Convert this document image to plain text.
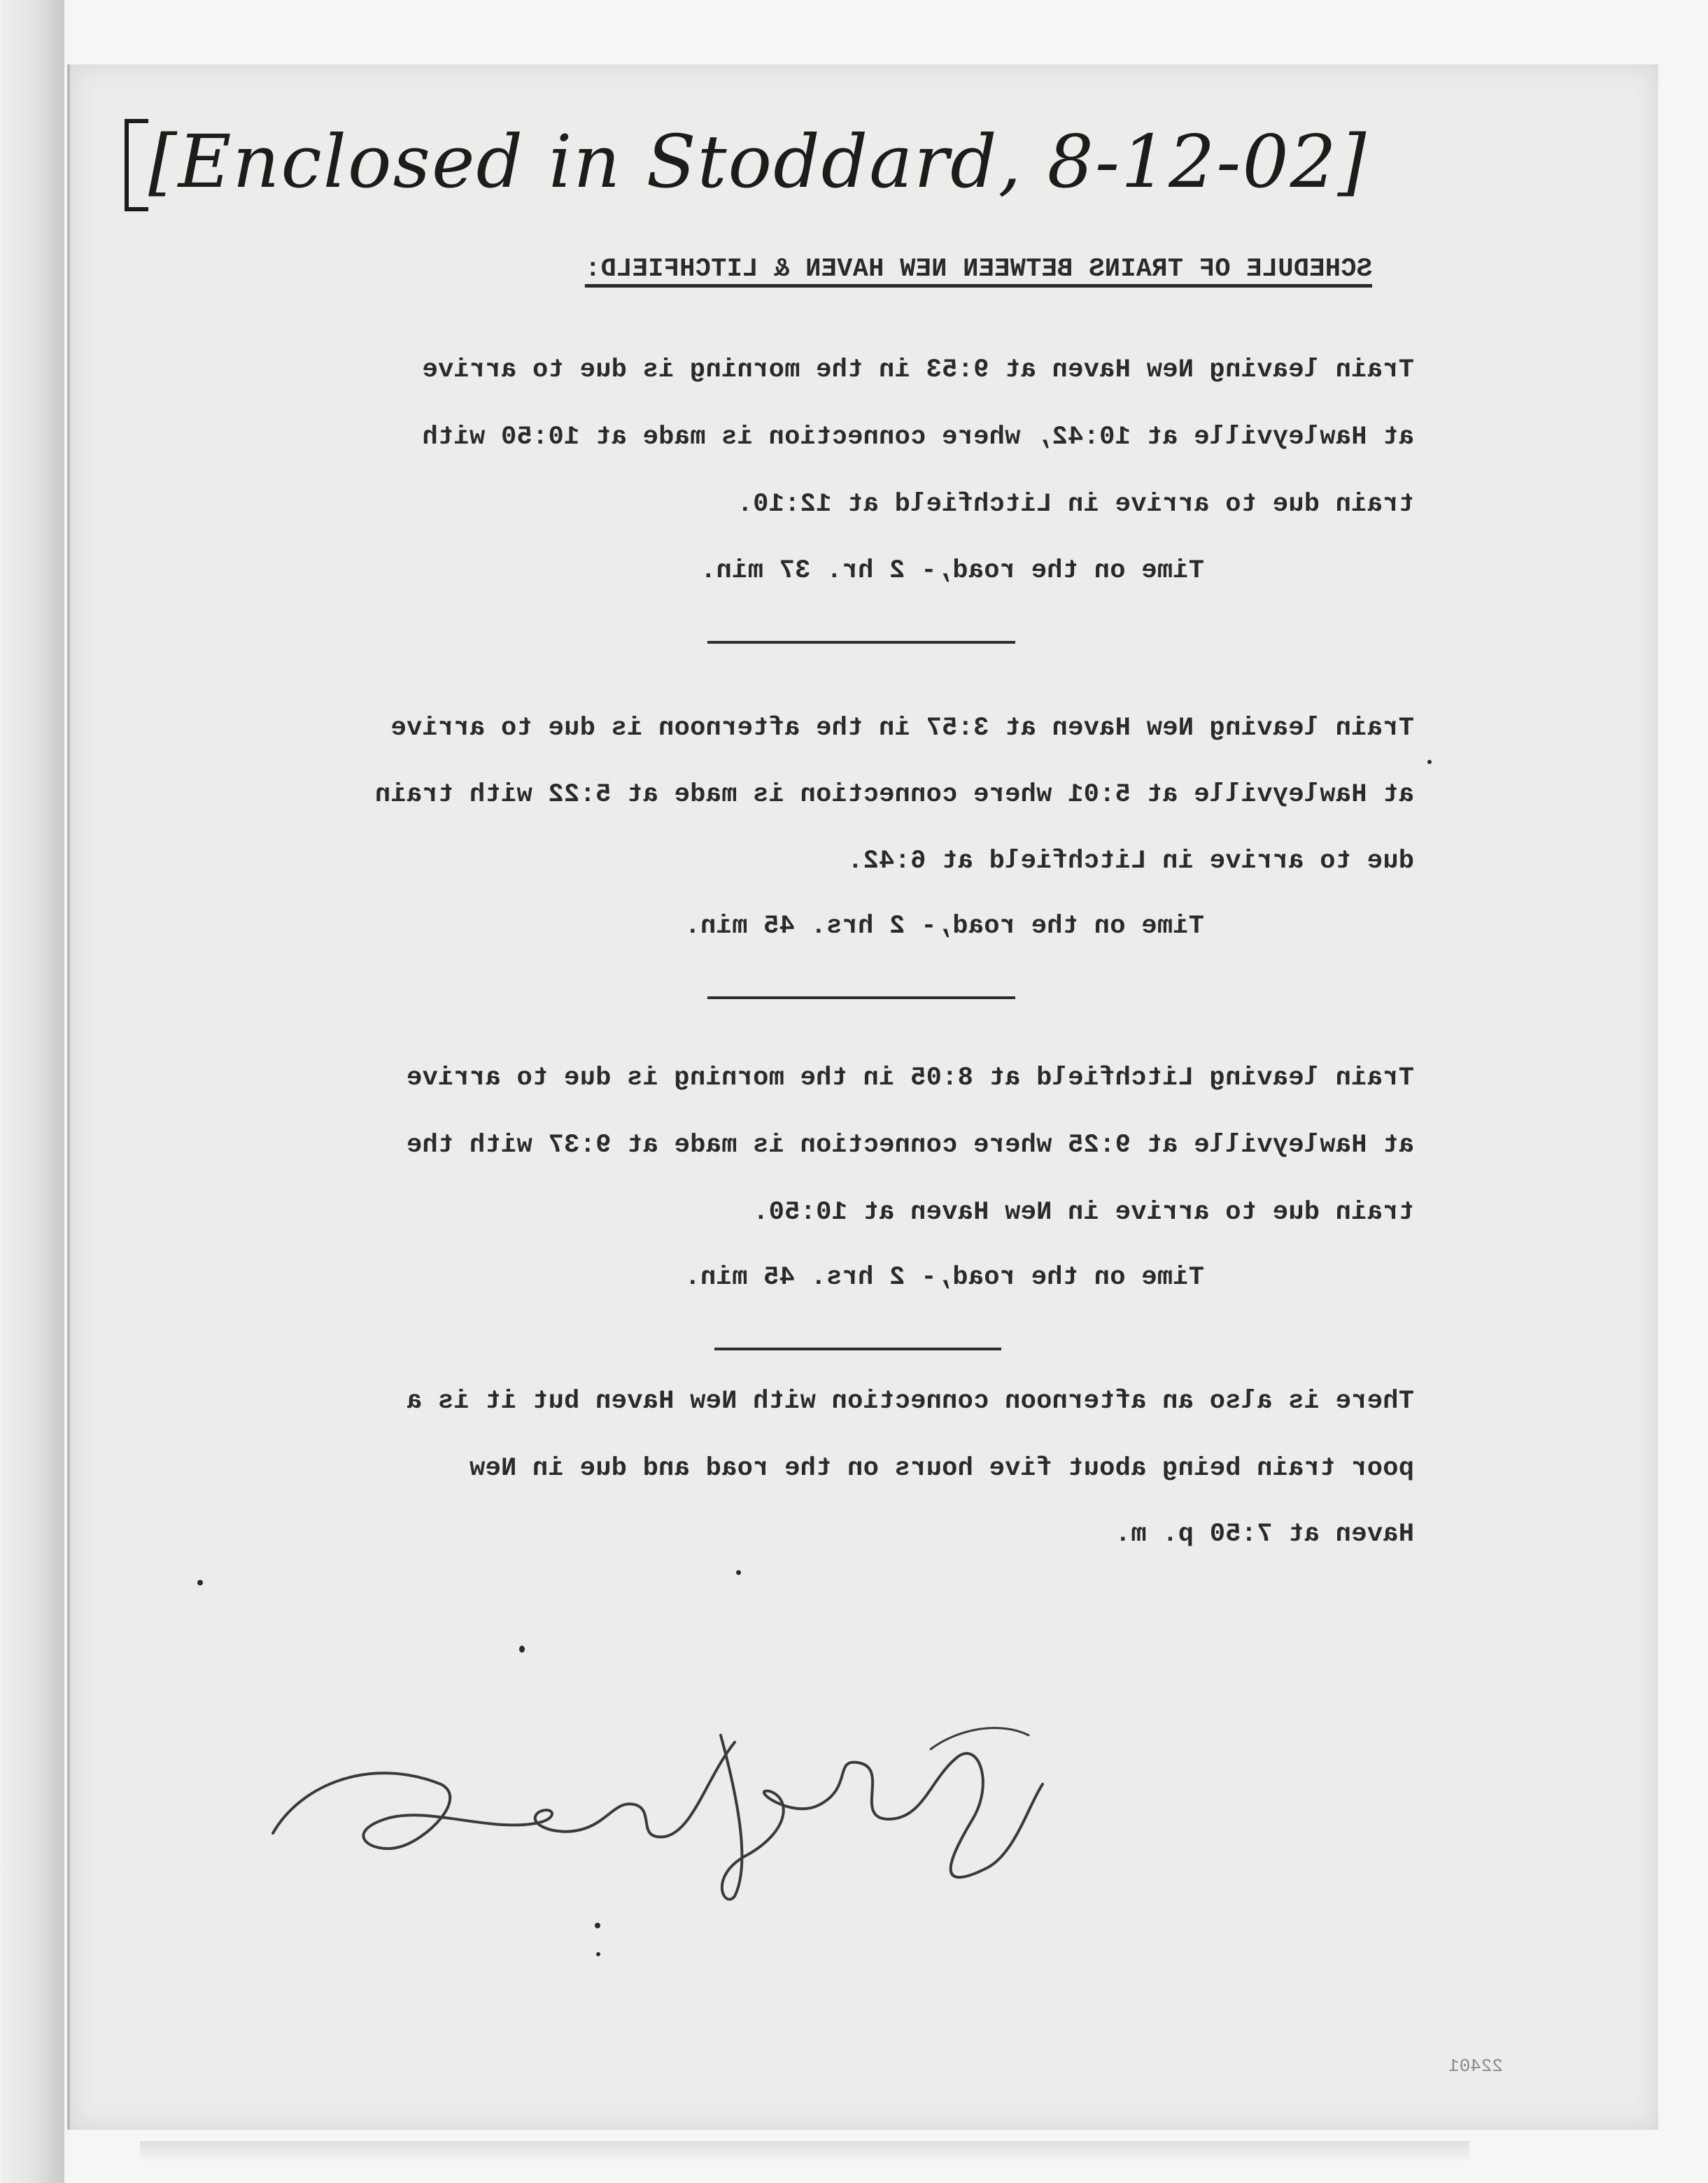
[Enclosed in Stoddard, 8-12-02]
SCHEDULE OF TRAINS BETWEEN NEW HAVEN & LITCHFIELD:
Train leaving New Haven at 9:53 in the morning is due to arrive
at Hawleyville at 10:42, where connection is made at 10:50 with
train due to arrive in Litchfield at 12:10.
Time on the road,- 2 hr. 37 min.
Train leaving New Haven at 3:57 in the afternoon is due to arrive
at Hawleyville at 5:01 where connection is made at 5:22 with train
due to arrive in Litchfield at 6:42.
Time on the road,- 2 hrs. 45 min.
Train leaving Litchfield at 8:05 in the morning is due to arrive
at Hawleyville at 9:25 where connection is made at 9:37 with the
train due to arrive in New Haven at 10:50.
Time on the road,- 2 hrs. 45 min.
There is also an afternoon connection with New Haven but it is a
poor train being about five hours on the road and due in New
Haven at 7:50 p. m.
22401
